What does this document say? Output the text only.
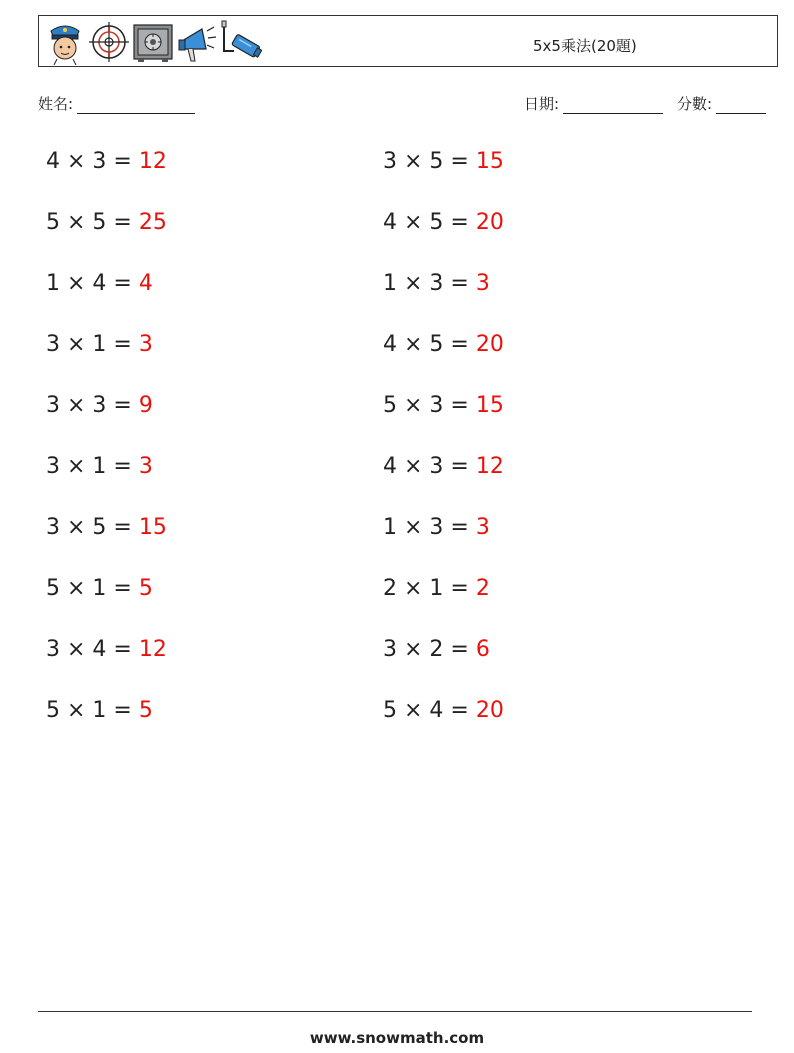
5x5乘法(20題)
姓名:	日期:	分數:
4 × 3 = 12
5 × 5 = 25
1 × 4 = 4
3 × 1 = 3
3 × 3 = 9
3 × 1 = 3
3 × 5 = 15
5 × 1 = 5
3 × 4 = 12
5 × 1 = 5
3 × 5 = 15
4 × 5 = 20
1 × 3 = 3
4 × 5 = 20
5 × 3 = 15
4 × 3 = 12
1 × 3 = 3
2 × 1 = 2
3 × 2 = 6
5 × 4 = 20
www.snowmath.com
